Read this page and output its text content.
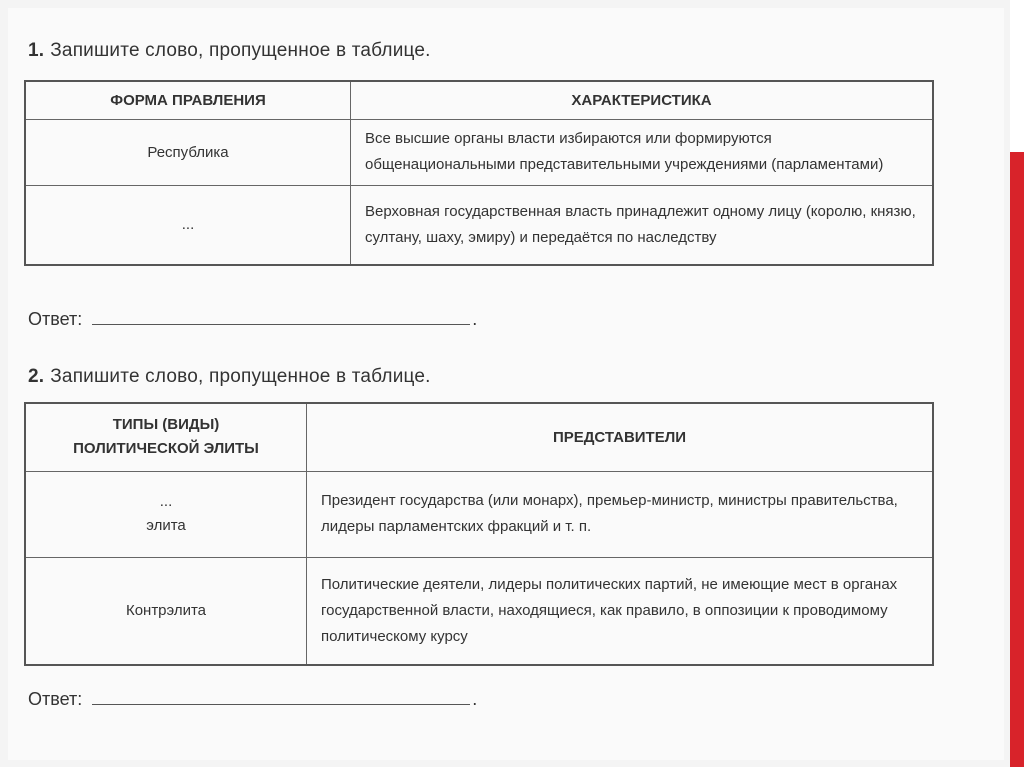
1. Запишите слово, пропущенное в таблице.
ФОРМА ПРАВЛЕНИЯ	ХАРАКТЕРИСТИКА
Республика	Все высшие органы власти избираются или формируются общенациональными представительными учреждениями (парламентами)
...	Верховная государственная власть принадлежит одному лицу (королю, князю, султану, шаху, эмиру) и передаётся по наследству
Ответ:	.
2. Запишите слово, пропущенное в таблице.
ТИПЫ (ВИДЫ)
ПОЛИТИЧЕСКОЙ ЭЛИТЫ	ПРЕДСТАВИТЕЛИ

...
элита	Президент государства (или монарх), премьер-министр, министры правительства, лидеры парламентских фракций и т. п.
Контрэлита	Политические деятели, лидеры политических партий, не имеющие мест в органах государственной власти, находящиеся, как правило, в оппозиции к проводимому политическому курсу
Ответ:	.
